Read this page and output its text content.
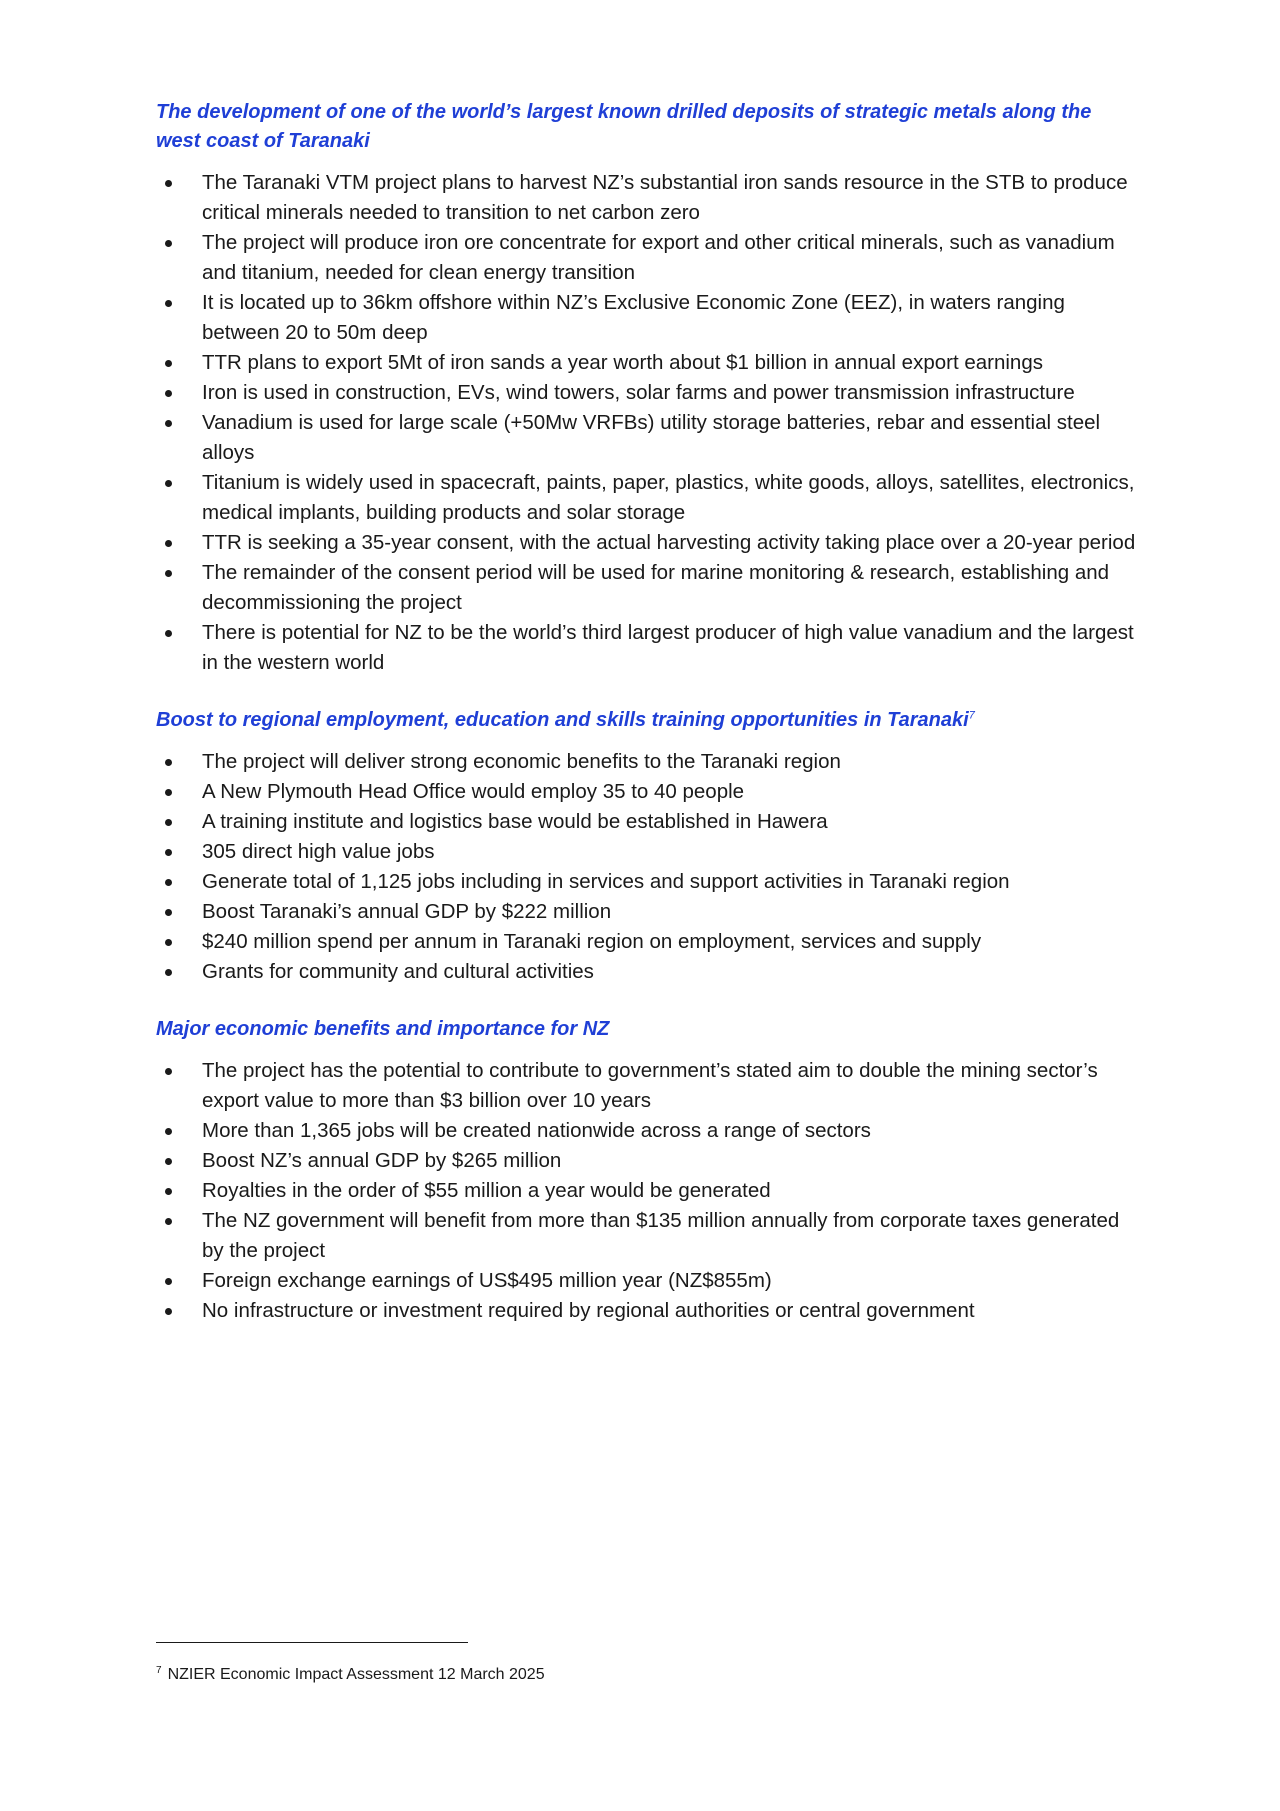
The development of one of the world’s largest known drilled deposits of strategic metals along the west coast of Taranaki
The Taranaki VTM project plans to harvest NZ’s substantial iron sands resource in the STB to produce critical minerals needed to transition to net carbon zero
The project will produce iron ore concentrate for export and other critical minerals, such as vanadium and titanium, needed for clean energy transition
It is located up to 36km offshore within NZ’s Exclusive Economic Zone (EEZ), in waters ranging between 20 to 50m deep
TTR plans to export 5Mt of iron sands a year worth about $1 billion in annual export earnings
Iron is used in construction, EVs, wind towers, solar farms and power transmission infrastructure
Vanadium is used for large scale (+50Mw VRFBs) utility storage batteries, rebar and essential steel alloys
Titanium is widely used in spacecraft, paints, paper, plastics, white goods, alloys, satellites, electronics, medical implants, building products and solar storage
TTR is seeking a 35-year consent, with the actual harvesting activity taking place over a 20-year period
The remainder of the consent period will be used for marine monitoring & research, establishing and decommissioning the project
There is potential for NZ to be the world’s third largest producer of high value vanadium and the largest in the western world
Boost to regional employment, education and skills training opportunities in Taranaki$^7$
The project will deliver strong economic benefits to the Taranaki region
A New Plymouth Head Office would employ 35 to 40 people
A training institute and logistics base would be established in Hawera
305 direct high value jobs
Generate total of 1,125 jobs including in services and support activities in Taranaki region
Boost Taranaki’s annual GDP by $222 million
$240 million spend per annum in Taranaki region on employment, services and supply
Grants for community and cultural activities
Major economic benefits and importance for NZ
The project has the potential to contribute to government’s stated aim to double the mining sector’s export value to more than $3 billion over 10 years
More than 1,365 jobs will be created nationwide across a range of sectors
Boost NZ’s annual GDP by $265 million
Royalties in the order of $55 million a year would be generated
The NZ government will benefit from more than $135 million annually from corporate taxes generated by the project
Foreign exchange earnings of US$495 million year (NZ$855m)
No infrastructure or investment required by regional authorities or central government
$^7$ NZIER Economic Impact Assessment 12 March 2025
